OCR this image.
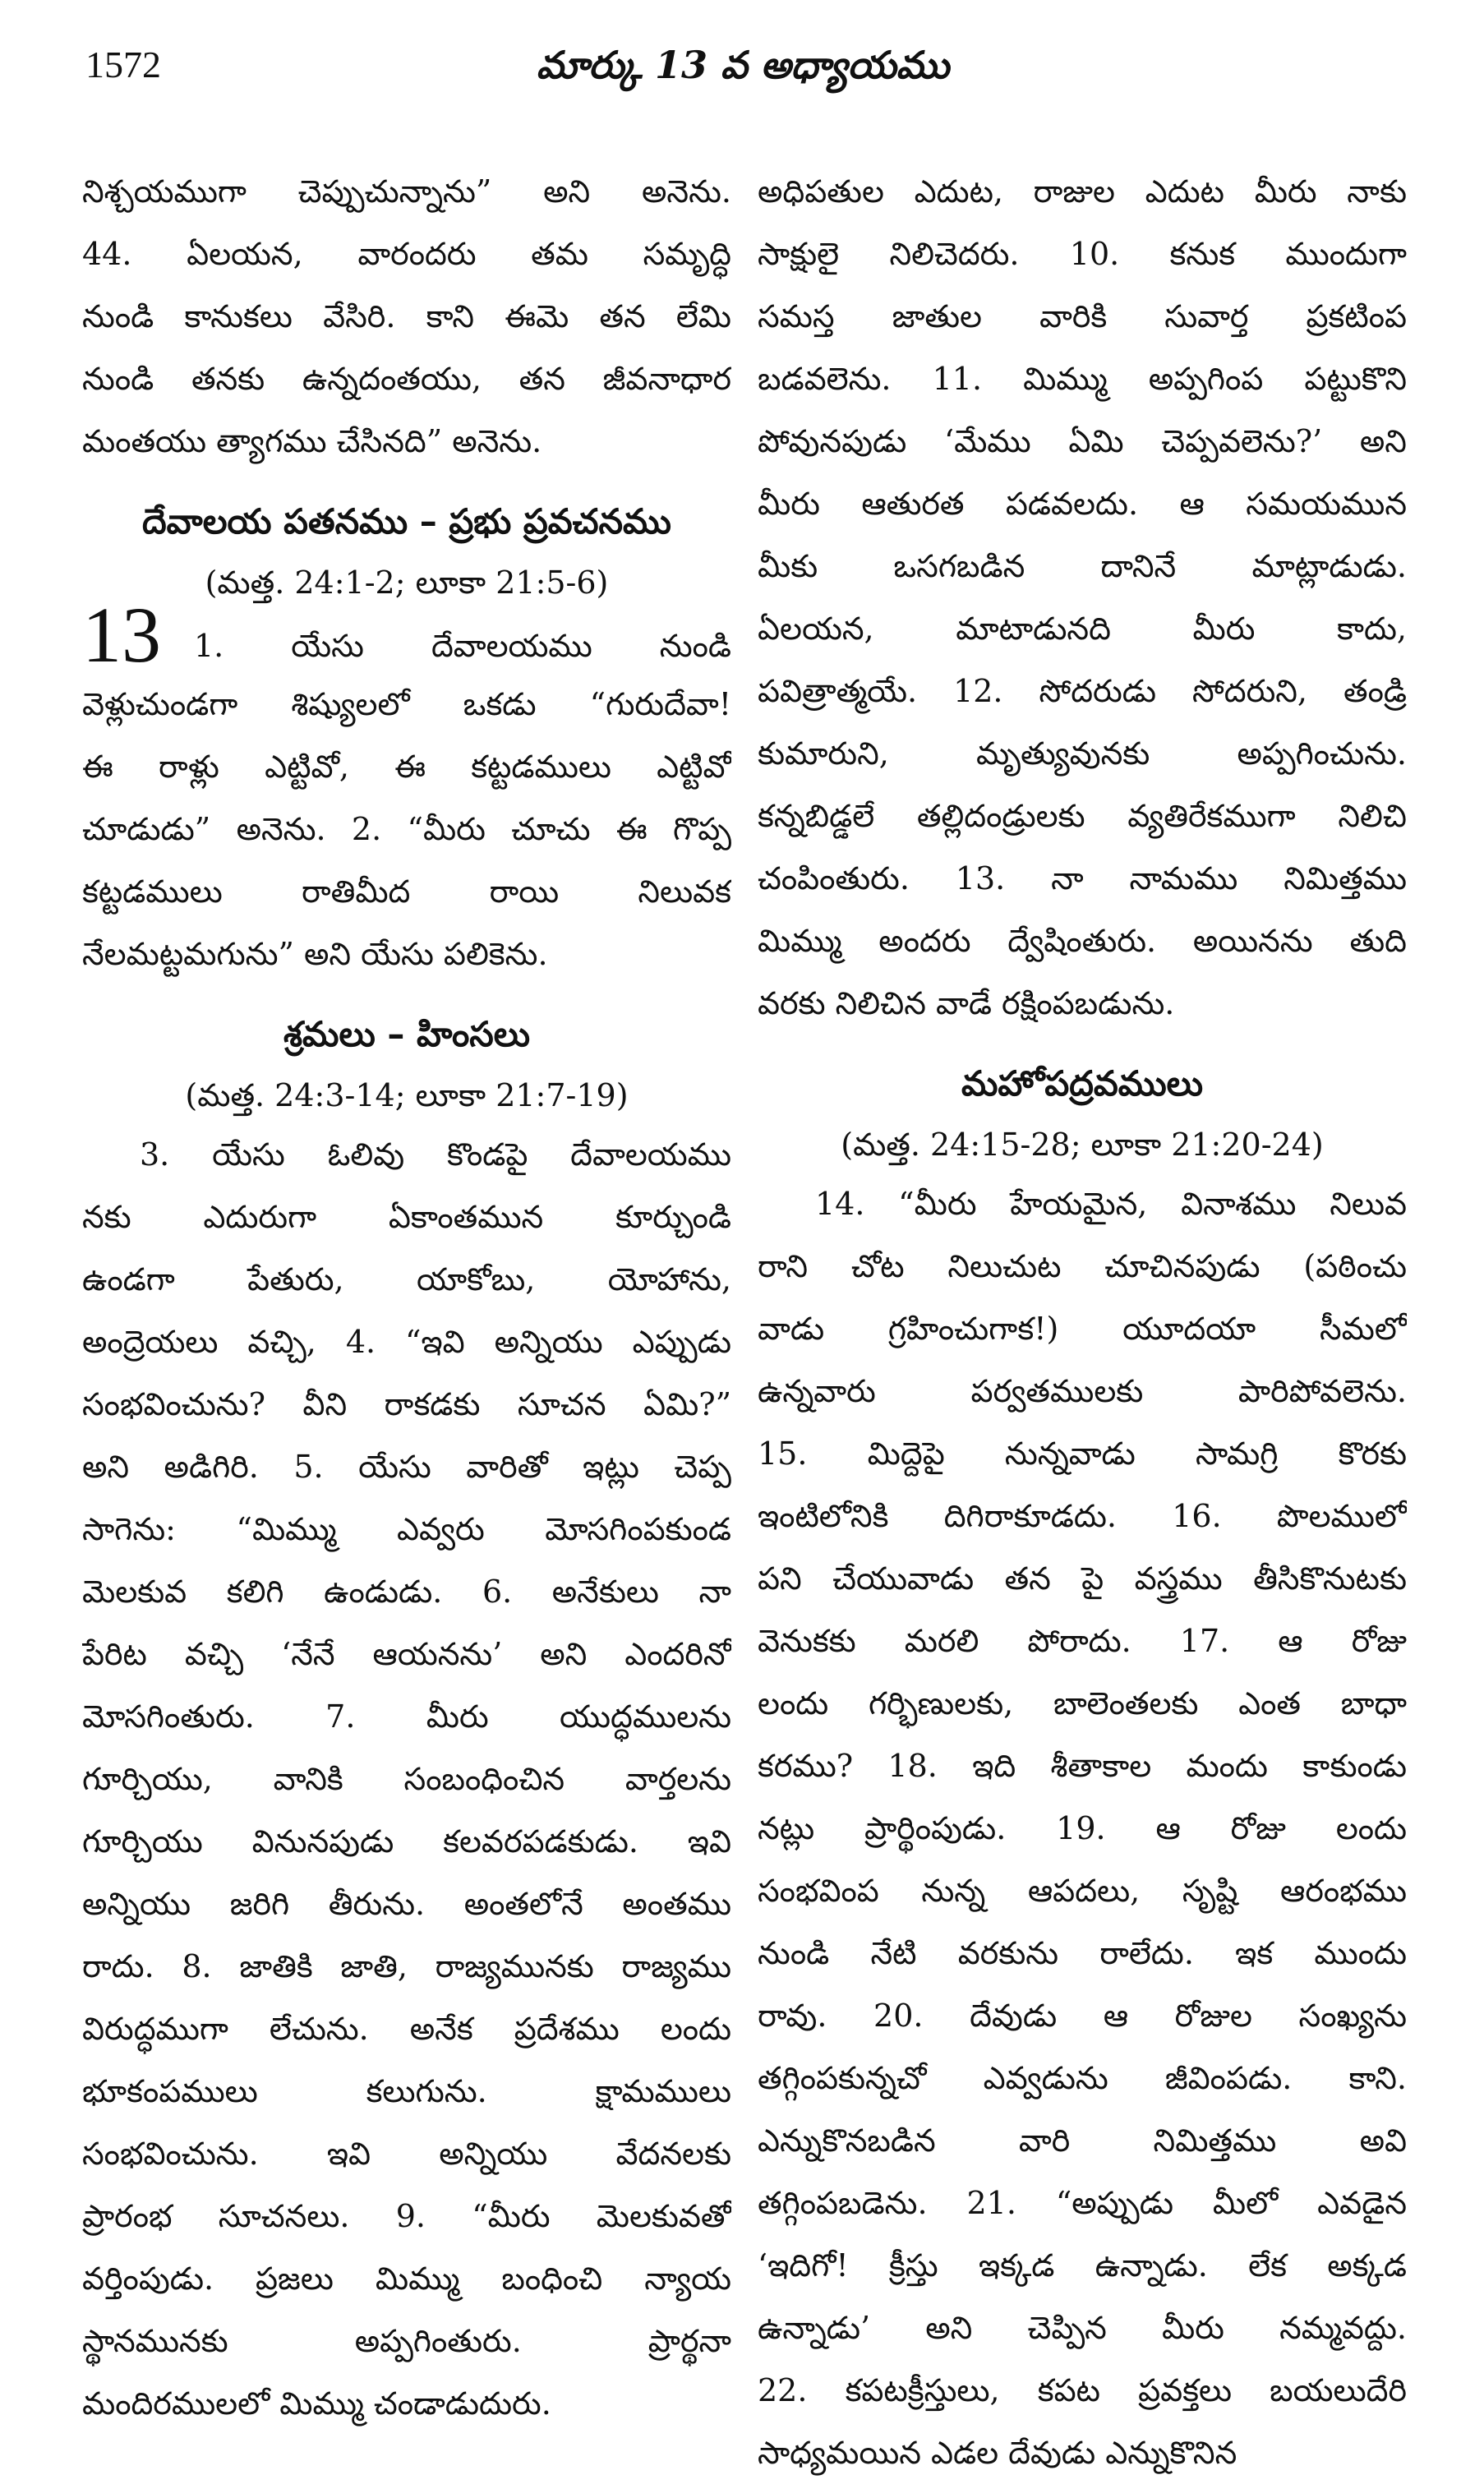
1572	మార్కు 13 వ అధ్యాయము
నిశ్చయముగా చెప్పుచున్నాను” అని అనెను.
44. ఏలయన, వారందరు తమ సమృద్ధి
నుండి కానుకలు వేసిరి. కాని ఈమె తన లేమి
నుండి తనకు ఉన్నదంతయు, తన జీవనాధార
మంతయు త్యాగము చేసినది” అనెను.
దేవాలయ పతనము – ప్రభు ప్రవచనము
(మత్త. 24:1-2; లూకా 21:5-6)
13 1. యేసు దేవాలయము నుండి
వెళ్లుచుండగా శిష్యులలో ఒకడు “గురుదేవా!
ఈ రాళ్లు ఎట్టివో, ఈ కట్టడములు ఎట్టివో
చూడుడు” అనెను. 2. “మీరు చూచు ఈ గొప్ప
కట్టడములు రాతిమీద రాయి నిలువక
నేలమట్టమగును” అని యేసు పలికెను.
శ్రమలు – హింసలు
(మత్త. 24:3-14; లూకా 21:7-19)
3. యేసు ఓలివు కొండపై దేవాలయము
నకు ఎదురుగా ఏకాంతమున కూర్చుండి
ఉండగా పేతురు, యాకోబు, యోహాను,
అంద్రెయలు వచ్చి, 4. “ఇవి అన్నియు ఎప్పుడు
సంభవించును? వీని రాకడకు సూచన ఏమి?”
అని అడిగిరి. 5. యేసు వారితో ఇట్లు చెప్ప
సాగెను: “మిమ్ము ఎవ్వరు మోసగింపకుండ
మెలకువ కలిగి ఉండుడు. 6. అనేకులు నా
పేరిట వచ్చి ‘నేనే ఆయనను’ అని ఎందరినో
మోసగింతురు. 7. మీరు యుద్ధములను
గూర్చియు, వానికి సంబంధించిన వార్తలను
గూర్చియు వినునపుడు కలవరపడకుడు. ఇవి
అన్నియు జరిగి తీరును. అంతలోనే అంతము
రాదు. 8. జాతికి జాతి, రాజ్యమునకు రాజ్యము
విరుద్ధముగా లేచును. అనేక ప్రదేశము లందు
భూకంపములు కలుగును. క్షామములు
సంభవించును. ఇవి అన్నియు వేదనలకు
ప్రారంభ సూచనలు. 9. “మీరు మెలకువతో
వర్తింపుడు. ప్రజలు మిమ్ము బంధించి న్యాయ
స్థానమునకు అప్పగింతురు. ప్రార్థనా
మందిరములలో మిమ్ము చండాడుదురు.
అధిపతుల ఎదుట, రాజుల ఎదుట మీరు నాకు
సాక్షులై నిలిచెదరు. 10. కనుక ముందుగా
సమస్త జాతుల వారికి సువార్త ప్రకటింప
బడవలెను. 11. మిమ్ము అప్పగింప పట్టుకొని
పోవునపుడు ‘మేము ఏమి చెప్పవలెను?’ అని
మీరు ఆతురత పడవలదు. ఆ సమయమున
మీకు ఒసగబడిన దానినే మాట్లాడుడు.
ఏలయన, మాటాడునది మీరు కాదు,
పవిత్రాత్మయే. 12. సోదరుడు సోదరుని, తండ్రి
కుమారుని, మృత్యువునకు అప్పగించును.
కన్నబిడ్డలే తల్లిదండ్రులకు వ్యతిరేకముగా నిలిచి
చంపింతురు. 13. నా నామము నిమిత్తము
మిమ్ము అందరు ద్వేషింతురు. అయినను తుది
వరకు నిలిచిన వాడే రక్షింపబడును.
మహోపద్రవములు
(మత్త. 24:15-28; లూకా 21:20-24)
14. “మీరు హేయమైన, వినాశము నిలువ
రాని చోట నిలుచుట చూచినపుడు (పఠించు
వాడు గ్రహించుగాక!) యూదయా సీమలో
ఉన్నవారు పర్వతములకు పారిపోవలెను.
15. మిద్దెపై నున్నవాడు సామగ్రి కొరకు
ఇంటిలోనికి దిగిరాకూడదు. 16. పొలములో
పని చేయువాడు తన పై వస్త్రము తీసికొనుటకు
వెనుకకు మరలి పోరాదు. 17. ఆ రోజు
లందు గర్భిణులకు, బాలెంతలకు ఎంత బాధా
కరము? 18. ఇది శీతాకాల మందు కాకుండు
నట్లు ప్రార్థింపుడు. 19. ఆ రోజు లందు
సంభవింప నున్న ఆపదలు, సృష్టి ఆరంభము
నుండి నేటి వరకును రాలేదు. ఇక ముందు
రావు. 20. దేవుడు ఆ రోజుల సంఖ్యను
తగ్గింపకున్నచో ఎవ్వడును జీవింపడు. కాని.
ఎన్నుకొనబడిన వారి నిమిత్తము అవి
తగ్గింపబడెను. 21. “అప్పుడు మీలో ఎవడైన
‘ఇదిగో! క్రీస్తు ఇక్కడ ఉన్నాడు. లేక అక్కడ
ఉన్నాడు’ అని చెప్పిన మీరు నమ్మవద్దు.
22. కపటక్రీస్తులు, కపట ప్రవక్తలు బయలుదేరి
సాధ్యమయిన ఎడల దేవుడు ఎన్నుకొనిన
